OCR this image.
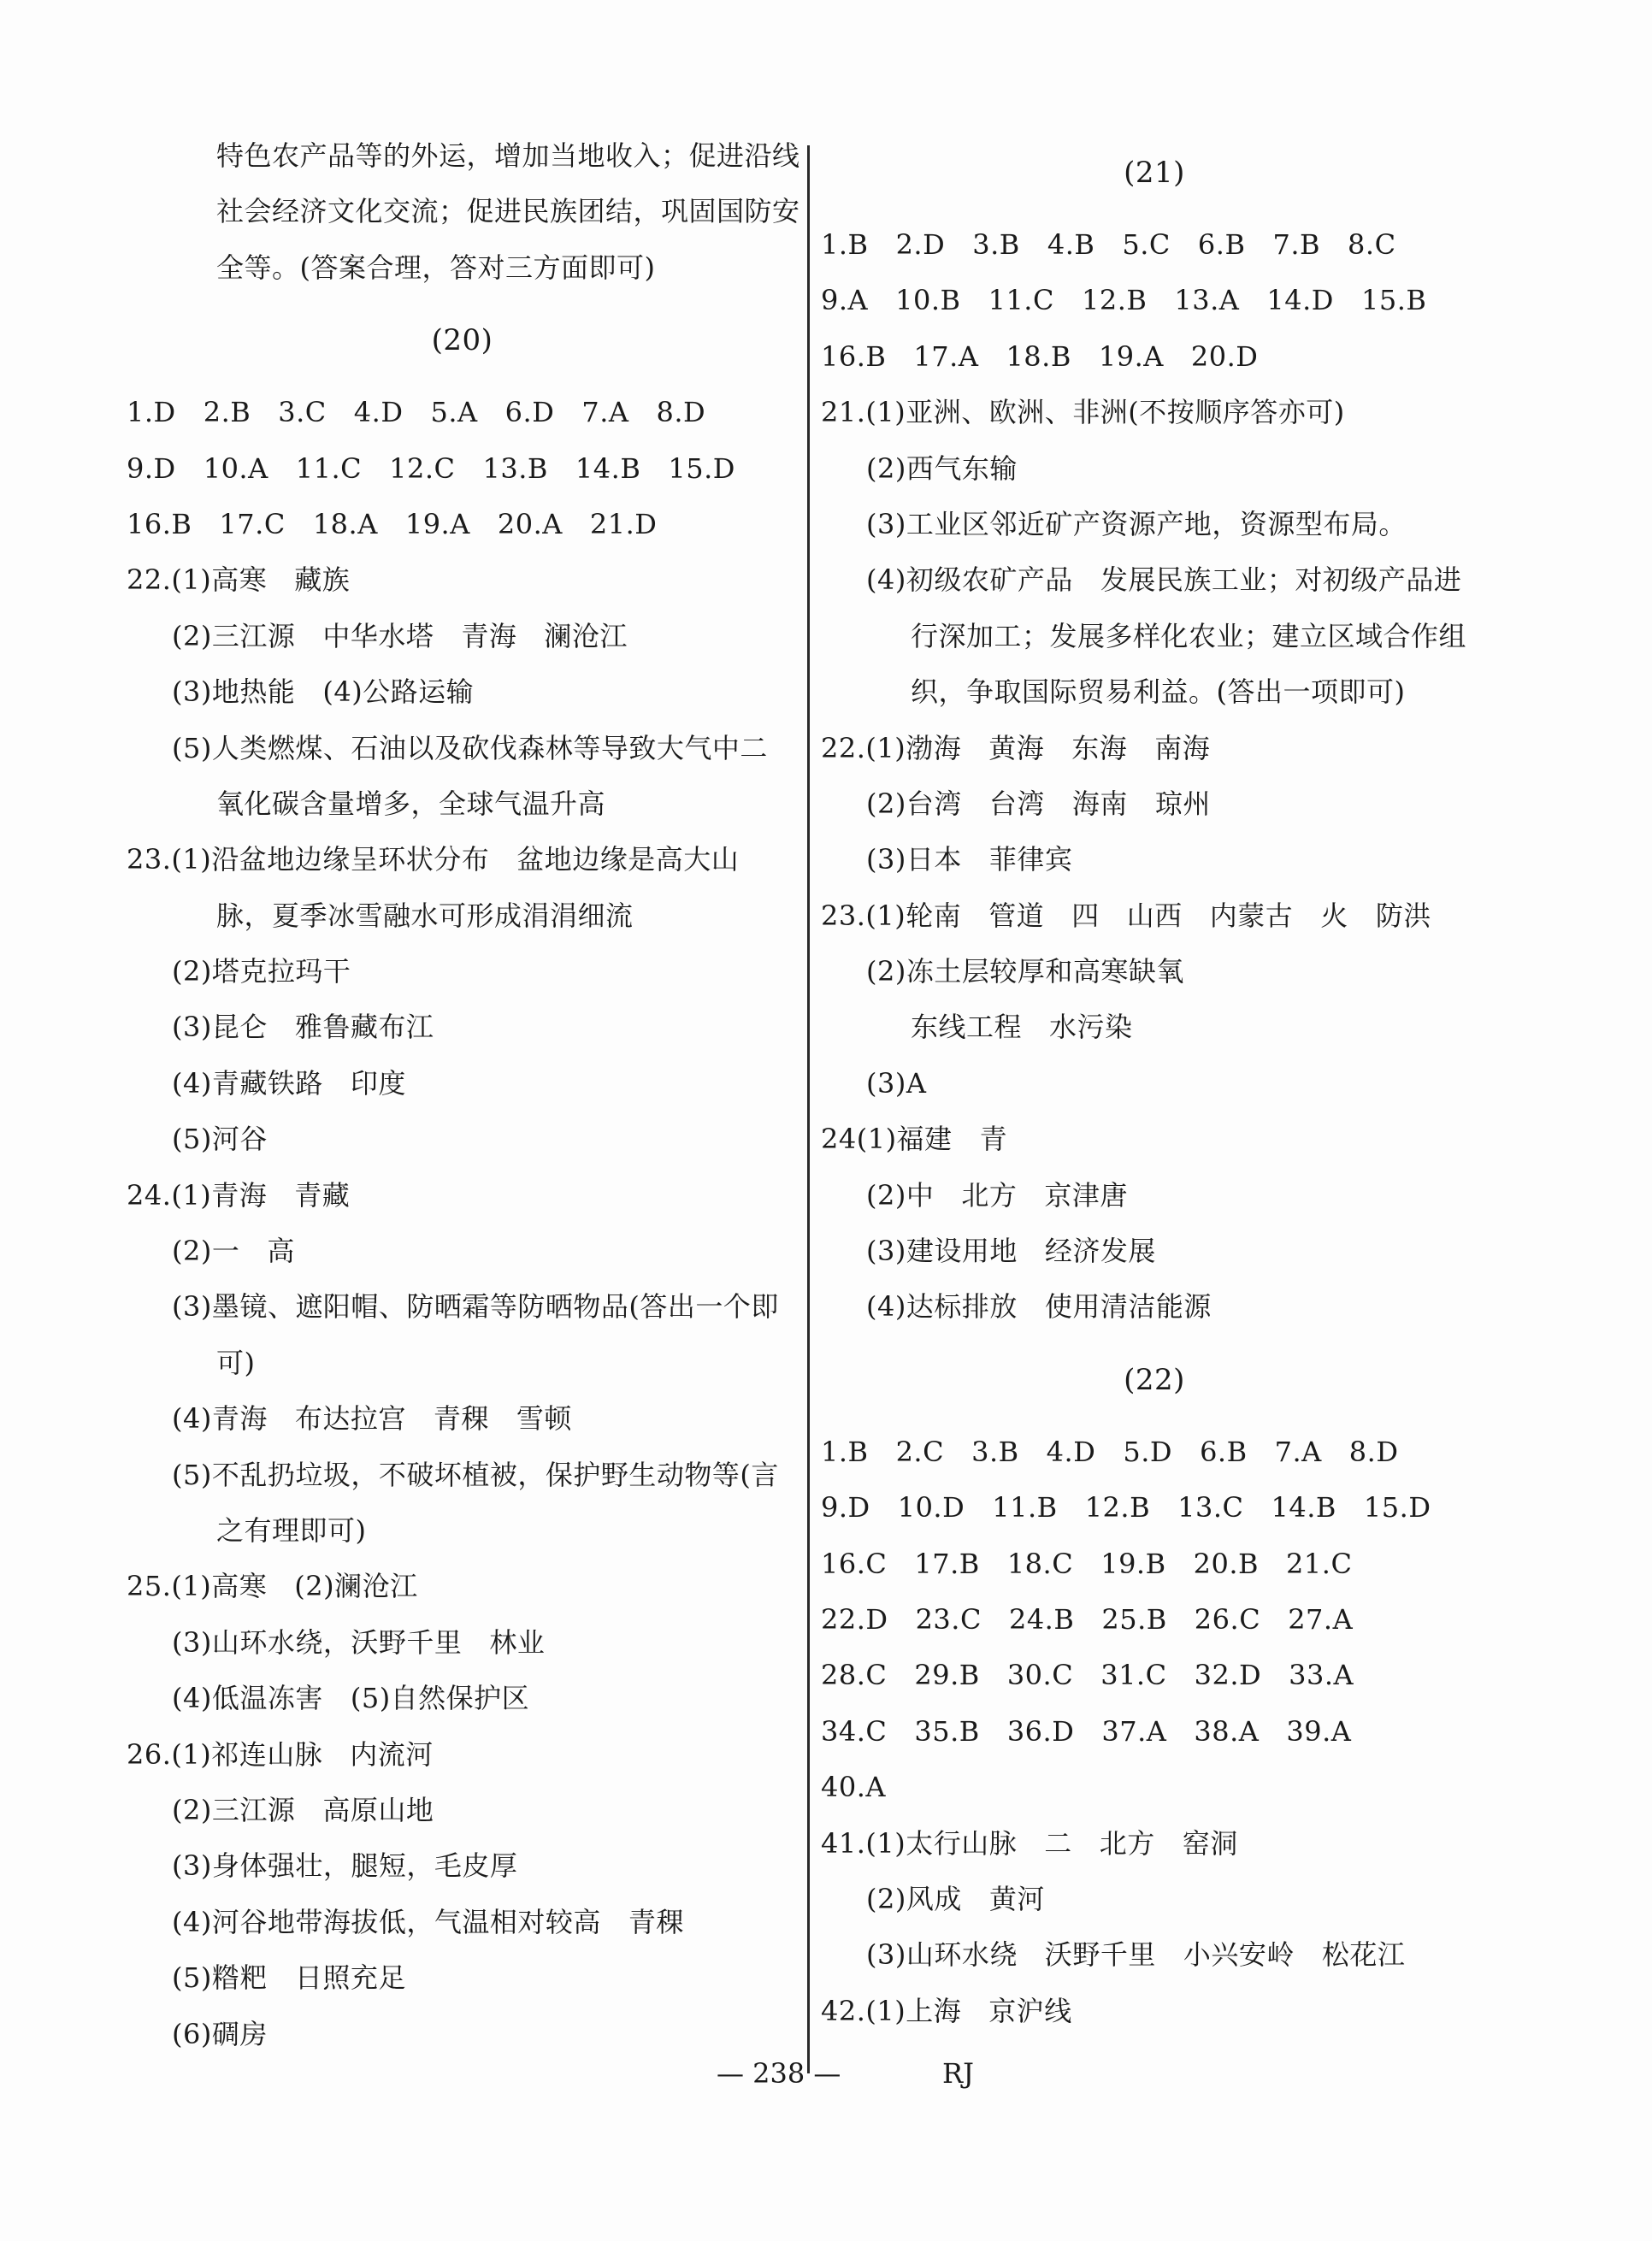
特色农产品等的外运，增加当地收入；促进沿线
社会经济文化交流；促进民族团结，巩固国防安
全等。(答案合理，答对三方面即可)
(20)
1.D   2.B   3.C   4.D   5.A   6.D   7.A   8.D
9.D   10.A   11.C   12.C   13.B   14.B   15.D
16.B   17.C   18.A   19.A   20.A   21.D
22.(1)高寒   藏族
(2)三江源   中华水塔   青海   澜沧江
(3)地热能   (4)公路运输
(5)人类燃煤、石油以及砍伐森林等导致大气中二
氧化碳含量增多，全球气温升高
23.(1)沿盆地边缘呈环状分布   盆地边缘是高大山
脉，夏季冰雪融水可形成涓涓细流
(2)塔克拉玛干
(3)昆仑   雅鲁藏布江
(4)青藏铁路   印度
(5)河谷
24.(1)青海   青藏
(2)一   高
(3)墨镜、遮阳帽、防晒霜等防晒物品(答出一个即
可)
(4)青海   布达拉宫   青稞   雪顿
(5)不乱扔垃圾，不破坏植被，保护野生动物等(言
之有理即可)
25.(1)高寒   (2)澜沧江
(3)山环水绕，沃野千里   林业
(4)低温冻害   (5)自然保护区
26.(1)祁连山脉   内流河
(2)三江源   高原山地
(3)身体强壮，腿短，毛皮厚
(4)河谷地带海拔低，气温相对较高   青稞
(5)糌粑   日照充足
(6)碉房
(21)
1.B   2.D   3.B   4.B   5.C   6.B   7.B   8.C
9.A   10.B   11.C   12.B   13.A   14.D   15.B
16.B   17.A   18.B   19.A   20.D
21.(1)亚洲、欧洲、非洲(不按顺序答亦可)
(2)西气东输
(3)工业区邻近矿产资源产地，资源型布局。
(4)初级农矿产品   发展民族工业；对初级产品进
行深加工；发展多样化农业；建立区域合作组
织，争取国际贸易利益。(答出一项即可)
22.(1)渤海   黄海   东海   南海
(2)台湾   台湾   海南   琼州
(3)日本   菲律宾
23.(1)轮南   管道   四   山西   内蒙古   火   防洪
(2)冻土层较厚和高寒缺氧
东线工程   水污染
(3)A
24(1)福建   青
(2)中   北方   京津唐
(3)建设用地   经济发展
(4)达标排放   使用清洁能源
(22)
1.B   2.C   3.B   4.D   5.D   6.B   7.A   8.D
9.D   10.D   11.B   12.B   13.C   14.B   15.D
16.C   17.B   18.C   19.B   20.B   21.C
22.D   23.C   24.B   25.B   26.C   27.A
28.C   29.B   30.C   31.C   32.D   33.A
34.C   35.B   36.D   37.A   38.A   39.A
40.A
41.(1)太行山脉   二   北方   窑洞
(2)风成   黄河
(3)山环水绕   沃野千里   小兴安岭   松花江
42.(1)上海   京沪线
— 238 —	RJ
